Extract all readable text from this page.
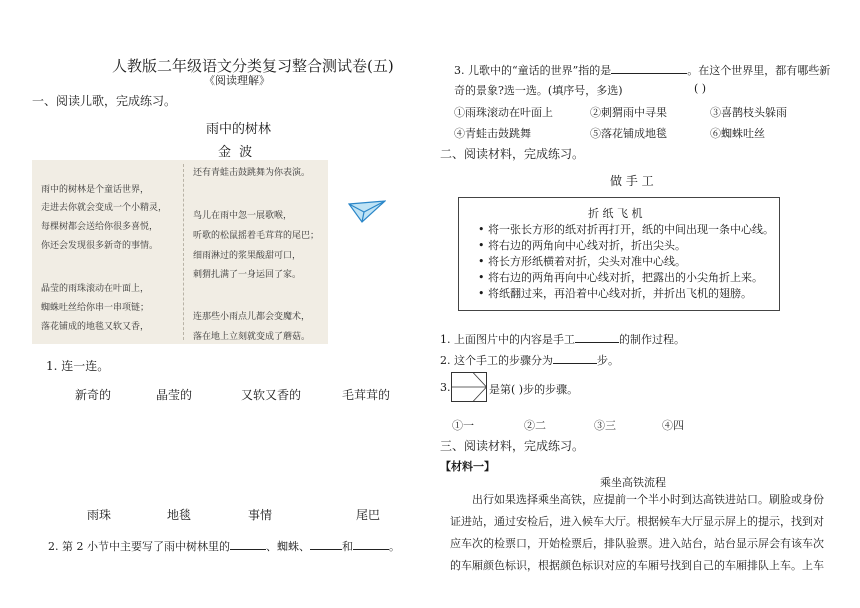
人教版二年级语文分类复习整合测试卷(五)
《阅读理解》
一、阅读儿歌，完成练习。
雨中的树林
金 波
雨中的树林是个童话世界，
走进去你就会变成一个小精灵，
每棵树都会送给你很多喜悦，
你还会发现很多新奇的事情。
晶莹的雨珠滚动在叶面上，
蜘蛛吐丝给你串一串项链；
落花铺成的地毯又软又香，
还有青蛙击鼓跳舞为你表演。
鸟儿在雨中忽一展歌喉，
听歌的松鼠摇着毛茸茸的尾巴；
细雨淋过的浆果酸甜可口，
刺猬扎满了一身运回了家。
连那些小雨点儿都会变魔术，
落在地上立刻就变成了蘑菇。
1. 连一连。
新奇的	晶莹的	又软又香的	毛茸茸的
雨珠	地毯	事情	尾巴
2. 第 2 小节中主要写了雨中树林里的	、蜘蛛、	和	。
3. 儿歌中的“童话的世界”指的是	。在这个世界里，都有哪些新
奇的景象?选一选。(填序号，多选)	( )
①雨珠滚动在叶面上	②刺猬雨中寻果	③喜鹊枝头躲雨
④青蛙击鼓跳舞	⑤落花铺成地毯	⑥蜘蛛吐丝
二、阅读材料，完成练习。
做 手 工
折 纸 飞 机
• 将一张长方形的纸对折再打开，纸的中间出现一条中心线。
• 将右边的两角向中心线对折，折出尖头。
• 将长方形纸横着对折，尖头对准中心线。
• 将右边的两角再向中心线对折，把露出的小尖角折上来。
• 将纸翻过来，再沿着中心线对折，并折出飞机的翅膀。
1. 上面图片中的内容是手工	的制作过程。
2. 这个手工的步骤分为	步。
3.	是第( )步的步骤。
①一	②二	③三	④四
三、阅读材料，完成练习。
【材料一】
乘坐高铁流程
出行如果选择乘坐高铁，应提前一个半小时到达高铁进站口。刷脸或身份
证进站，通过安检后，进入候车大厅。根据候车大厅显示屏上的提示，找到对
应车次的检票口，开始检票后，排队验票。进入站台，站台显示屏会有该车次
的车厢颜色标识，根据颜色标识对应的车厢号找到自己的车厢排队上车。上车
